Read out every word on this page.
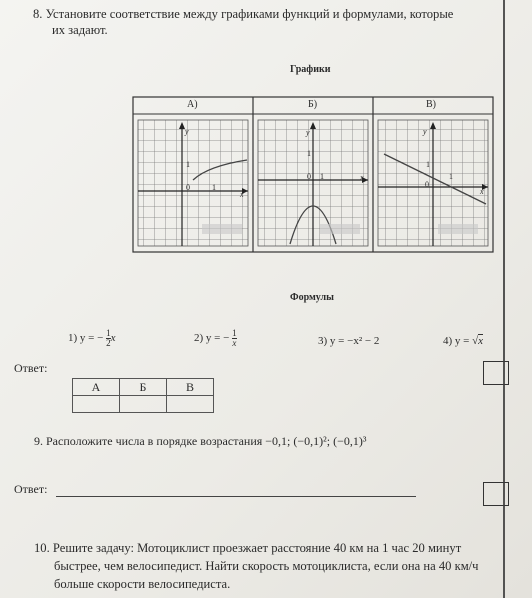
8. Установите соответствие между графиками функций и формулами, которые
их задают.
Графики
А)	Б)	В)
y
x
0	1
1
y
x
0 1
1
y
x
0
1
1
Формулы
1) y = − $\frac{1}{2}$ x	2) y = − $\frac{1}{x}$	3) y = −x² − 2	4) y = √x
Ответ:
А	Б	В

9. Расположите числа в порядке возрастания −0,1; (−0,1)²; (−0,1)³
Ответ:
10. Решите задачу: Мотоциклист проезжает расстояние 40 км на 1 час 20 минут
быстрее, чем велосипедист. Найти скорость мотоциклиста, если она на 40 км/ч
больше скорости велосипедиста.
